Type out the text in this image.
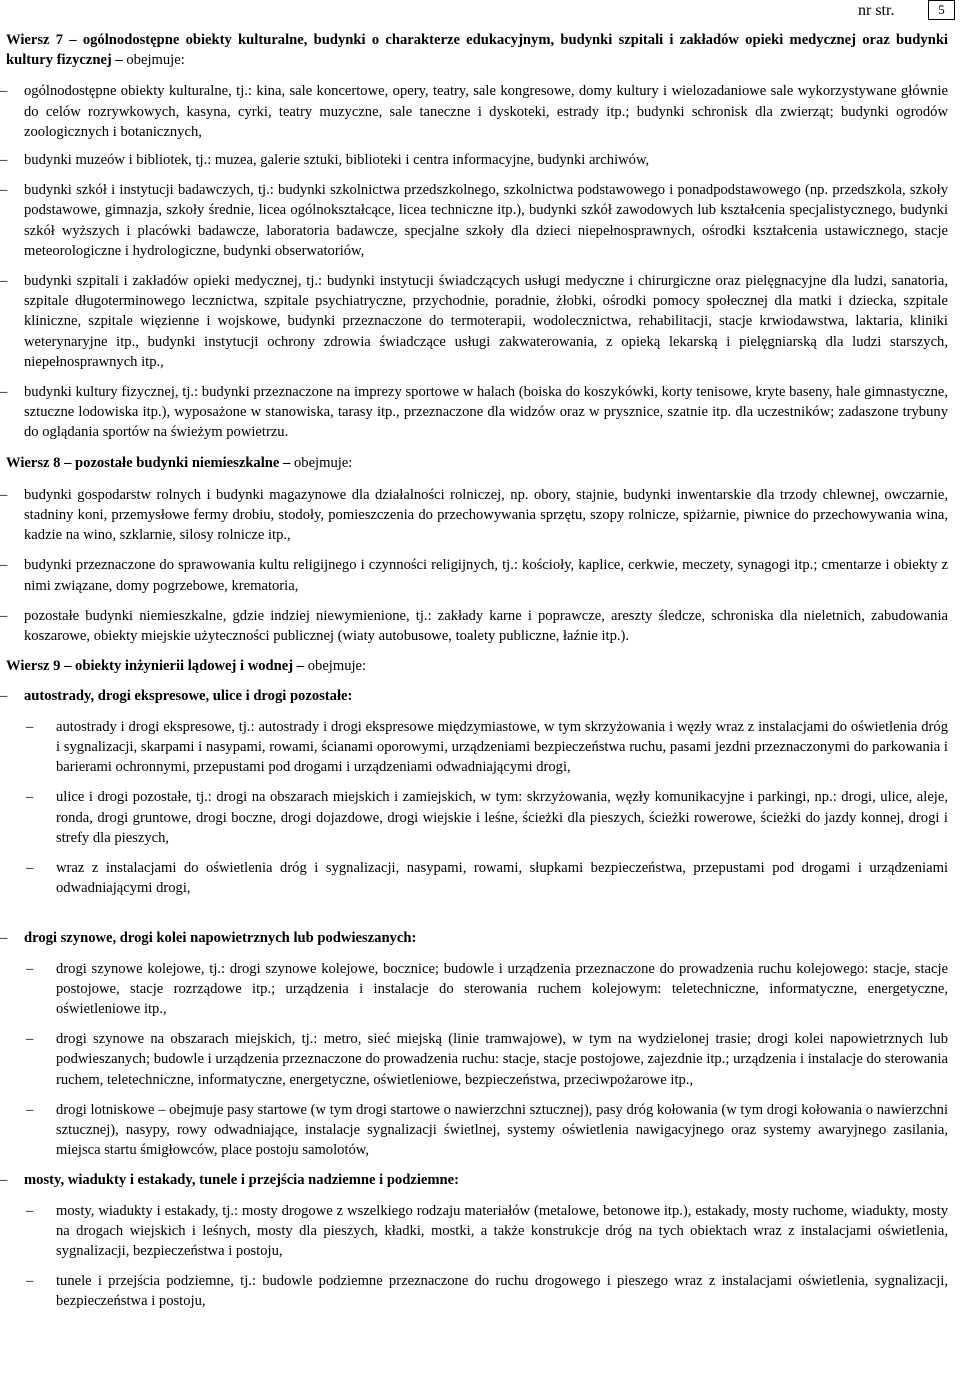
nr str.	5
Wiersz 7 – ogólnodostępne obiekty kulturalne, budynki o charakterze edukacyjnym, budynki szpitali i zakładów opieki medycznej oraz budynki kultury fizycznej – obejmuje:
– ogólnodostępne obiekty kulturalne, tj.: kina, sale koncertowe, opery, teatry, sale kongresowe, domy kultury i wielozadaniowe sale wykorzystywane głównie do celów rozrywkowych, kasyna, cyrki, teatry muzyczne, sale taneczne i dyskoteki, estrady itp.; budynki schronisk dla zwierząt; budynki ogrodów zoologicznych i botanicznych,
– budynki muzeów i bibliotek, tj.: muzea, galerie sztuki, biblioteki i centra informacyjne, budynki archiwów,
– budynki szkół i instytucji badawczych, tj.: budynki szkolnictwa przedszkolnego, szkolnictwa podstawowego i ponadpodstawowego (np. przedszkola, szkoły podstawowe, gimnazja, szkoły średnie, licea ogólnokształcące, licea techniczne itp.), budynki szkół zawodowych lub kształcenia specjalistycznego, budynki szkół wyższych i placówki badawcze, laboratoria badawcze, specjalne szkoły dla dzieci niepełnosprawnych, ośrodki kształcenia ustawicznego, stacje meteorologiczne i hydrologiczne, budynki obserwatoriów,
– budynki szpitali i zakładów opieki medycznej, tj.: budynki instytucji świadczących usługi medyczne i chirurgiczne oraz pielęgnacyjne dla ludzi, sanatoria, szpitale długoterminowego lecznictwa, szpitale psychiatryczne, przychodnie, poradnie, żłobki, ośrodki pomocy społecznej dla matki i dziecka, szpitale kliniczne, szpitale więzienne i wojskowe, budynki przeznaczone do termoterapii, wodolecznictwa, rehabilitacji, stacje krwiodawstwa, laktaria, kliniki weterynaryjne itp., budynki instytucji ochrony zdrowia świadczące usługi zakwaterowania, z opieką lekarską i pielęgniarską dla ludzi starszych, niepełnosprawnych itp.,
– budynki kultury fizycznej, tj.: budynki przeznaczone na imprezy sportowe w halach (boiska do koszykówki, korty tenisowe, kryte baseny, hale gimnastyczne, sztuczne lodowiska itp.), wyposażone w stanowiska, tarasy itp., przeznaczone dla widzów oraz w prysznice, szatnie itp. dla uczestników; zadaszone trybuny do oglądania sportów na świeżym powietrzu.
Wiersz 8 – pozostałe budynki niemieszkalne – obejmuje:
– budynki gospodarstw rolnych i budynki magazynowe dla działalności rolniczej, np. obory, stajnie, budynki inwentarskie dla trzody chlewnej, owczarnie, stadniny koni, przemysłowe fermy drobiu, stodoły, pomieszczenia do przechowywania sprzętu, szopy rolnicze, spiżarnie, piwnice do przechowywania wina, kadzie na wino, szklarnie, silosy rolnicze itp.,
– budynki przeznaczone do sprawowania kultu religijnego i czynności religijnych, tj.: kościoły, kaplice, cerkwie, meczety, synagogi itp.; cmentarze i obiekty z nimi związane, domy pogrzebowe, krematoria,
– pozostałe budynki niemieszkalne, gdzie indziej niewymienione, tj.: zakłady karne i poprawcze, areszty śledcze, schroniska dla nieletnich, zabudowania koszarowe, obiekty miejskie użyteczności publicznej (wiaty autobusowe, toalety publiczne, łaźnie itp.).
Wiersz 9 – obiekty inżynierii lądowej i wodnej – obejmuje:
– autostrady, drogi ekspresowe, ulice i drogi pozostałe:
– autostrady i drogi ekspresowe, tj.: autostrady i drogi ekspresowe międzymiastowe, w tym skrzyżowania i węzły wraz z instalacjami do oświetlenia dróg i sygnalizacji, skarpami i nasypami, rowami, ścianami oporowymi, urządzeniami bezpieczeństwa ruchu, pasami jezdni przeznaczonymi do parkowania i barierami ochronnymi, przepustami pod drogami i urządzeniami odwadniającymi drogi,
– ulice i drogi pozostałe, tj.: drogi na obszarach miejskich i zamiejskich, w tym: skrzyżowania, węzły komunikacyjne i parkingi, np.: drogi, ulice, aleje, ronda, drogi gruntowe, drogi boczne, drogi dojazdowe, drogi wiejskie i leśne, ścieżki dla pieszych, ścieżki rowerowe, ścieżki do jazdy konnej, drogi i strefy dla pieszych,
– wraz z instalacjami do oświetlenia dróg i sygnalizacji, nasypami, rowami, słupkami bezpieczeństwa, przepustami pod drogami i urządzeniami odwadniającymi drogi,
– drogi szynowe, drogi kolei napowietrznych lub podwieszanych:
– drogi szynowe kolejowe, tj.: drogi szynowe kolejowe, bocznice; budowle i urządzenia przeznaczone do prowadzenia ruchu kolejowego: stacje, stacje postojowe, stacje rozrządowe itp.; urządzenia i instalacje do sterowania ruchem kolejowym: teletechniczne, informatyczne, energetyczne, oświetleniowe itp.,
– drogi szynowe na obszarach miejskich, tj.: metro, sieć miejską (linie tramwajowe), w tym na wydzielonej trasie; drogi kolei napowietrznych lub podwieszanych; budowle i urządzenia przeznaczone do prowadzenia ruchu: stacje, stacje postojowe, zajezdnie itp.; urządzenia i instalacje do sterowania ruchem, teletechniczne, informatyczne, energetyczne, oświetleniowe, bezpieczeństwa, przeciwpożarowe itp.,
– drogi lotniskowe – obejmuje pasy startowe (w tym drogi startowe o nawierzchni sztucznej), pasy dróg kołowania (w tym drogi kołowania o nawierzchni sztucznej), nasypy, rowy odwadniające, instalacje sygnalizacji świetlnej, systemy oświetlenia nawigacyjnego oraz systemy awaryjnego zasilania, miejsca startu śmigłowców, place postoju samolotów,
– mosty, wiadukty i estakady, tunele i przejścia nadziemne i podziemne:
– mosty, wiadukty i estakady, tj.: mosty drogowe z wszelkiego rodzaju materiałów (metalowe, betonowe itp.), estakady, mosty ruchome, wiadukty, mosty na drogach wiejskich i leśnych, mosty dla pieszych, kładki, mostki, a także konstrukcje dróg na tych obiektach wraz z instalacjami oświetlenia, sygnalizacji, bezpieczeństwa i postoju,
– tunele i przejścia podziemne, tj.: budowle podziemne przeznaczone do ruchu drogowego i pieszego wraz z instalacjami oświetlenia, sygnalizacji, bezpieczeństwa i postoju,
